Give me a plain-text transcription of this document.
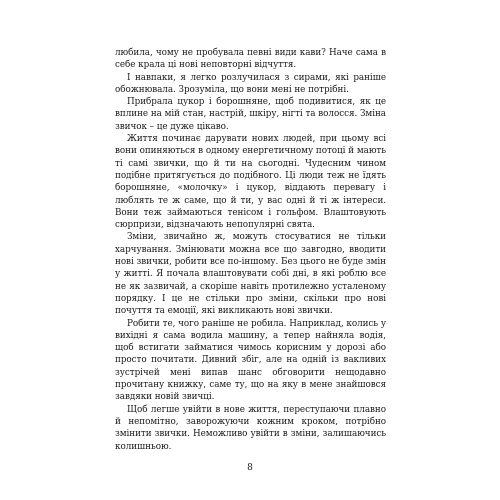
любила, чому не пробувала певні види кави? Наче сама в себе крала ці нові неповторні відчуття.

І навпаки, я легко розлучилася з сирами, які раніше обожнювала. Зрозуміла, що вони мені не потрібні.

Прибрала цукор і борошняне, щоб подивитися, як це вплине на мій стан, настрій, шкіру, нігті та волосся. Зміна звичок – це дуже цікаво.

Життя починає дарувати нових людей, при цьому всі вони опиняються в одному енергетичному потоці й мають ті самі звички, що й ти на сьогодні. Чудесним чином подібне притягується до подібного. Ці люди теж не їдять борошняне, «молочку» і цукор, віддають перевагу і люблять те ж саме, що й ти, у вас одні й ті ж інтереси. Вони теж займаються тенісом і гольфом. Влаштовують сюрпризи, відзначають непопулярні свята.

Зміни, звичайно ж, можуть стосуватися не тільки харчування. Змінювати можна все що завгодно, вводити нові звички, робити все по-іншому. Без цього не буде змін у житті. Я почала влаштовувати собі дні, в які роблю все не як зазвичай, а скоріше навіть протилежно усталеному порядку. І це не стільки про зміни, скільки про нові почуття та емоції, які викликають нові звички.

Робити те, чого раніше не робила. Наприклад, колись у вихідні я сама водила машину, а тепер найняла водія, щоб встигати займатися чимось корисним у дорозі або просто почитати. Дивний збіг, але на одній із вакливих зустрічей мені випав шанс обговорити нещодавно прочитану книжку, саме ту, що на яку в мене знайшовся завдяки новій звичці.

Щоб легше увійти в нове життя, переступаючи плавно й непомітно, заворожуючи кожним кроком, потрібно змінити звички. Неможливо увійти в зміни, залишаючись колишньою.

8
